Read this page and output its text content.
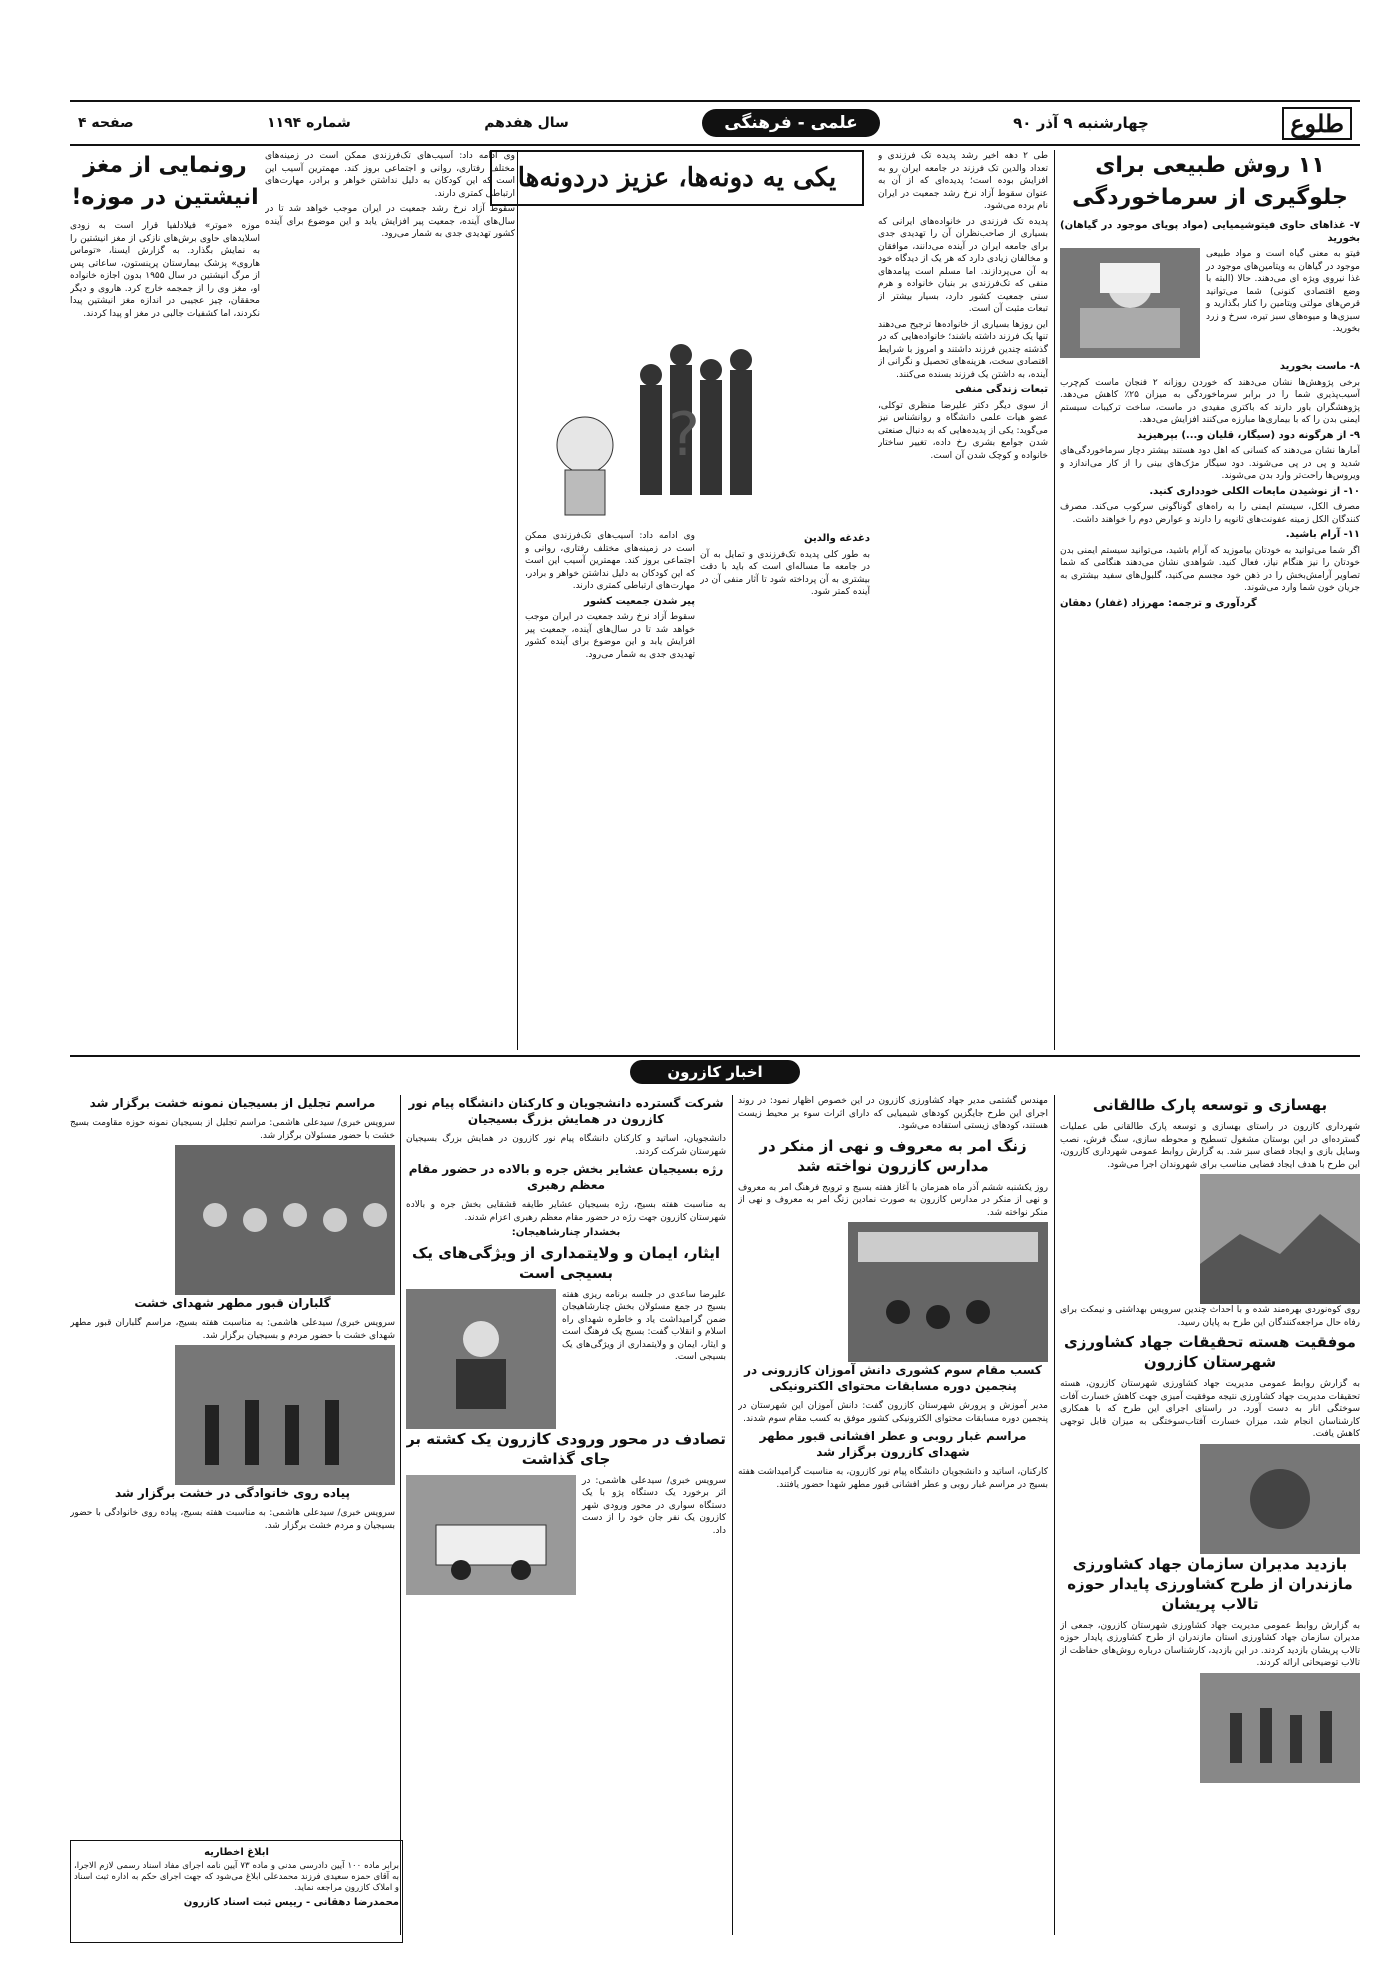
طلوع
چهارشنبه ۹ آذر ۹۰
علمی - فرهنگی
سال هفدهم
شماره ۱۱۹۴
صفحه ۴
۱۱ روش طبیعی برای جلوگیری از سرماخوردگی
۷- غذاهای حاوی فیتوشیمیایی (مواد پویای موجود در گیاهان) بخورید

فیتو به معنی گیاه است و مواد طبیعی موجود در گیاهان به ویتامین‌های موجود در غذا نیروی ویژه ای می‌دهند. حالا (البته با وضع اقتصادی کنونی) شما می‌توانید قرص‌های مولتی ویتامین را کنار بگذارید و سبزی‌ها و میوه‌های سبز تیره، سرخ و زرد بخورید.

۸- ماست بخورید

برخی پژوهش‌ها نشان می‌دهند که خوردن روزانه ۲ فنجان ماست کم‌چرب آسیب‌پذیری شما را در برابر سرماخوردگی به میزان ۲۵٪ کاهش می‌دهد. پژوهشگران باور دارند که باکتری مفیدی در ماست، ساخت ترکیبات سیستم ایمنی بدن را که با بیماری‌ها مبارزه می‌کنند افزایش می‌دهد.

۹- از هرگونه دود (سیگار، قلیان و...) بپرهیزید

آمارها نشان می‌دهند که کسانی که اهل دود هستند بیشتر دچار سرماخوردگی‌های شدید و پی در پی می‌شوند. دود سیگار مژک‌های بینی را از کار می‌اندازد و ویروس‌ها راحت‌تر وارد بدن می‌شوند.

۱۰- از نوشیدن مایعات الکلی خودداری کنید.

مصرف الکل، سیستم ایمنی را به راه‌های گوناگونی سرکوب می‌کند. مصرف کنندگان الکل زمینه عفونت‌های ثانویه را دارند و عوارض دوم را خواهند داشت.

۱۱- آرام باشید.

اگر شما می‌توانید به خودتان بیاموزید که آرام باشید، می‌توانید سیستم ایمنی بدن خودتان را نیز هنگام نیاز، فعال کنید. شواهدی نشان می‌دهند هنگامی که شما تصاویر آرامش‌بخش را در ذهن خود مجسم می‌کنید، گلبول‌های سفید بیشتری به جریان خون شما وارد می‌شوند.

گردآوری و ترجمه: مهرزاد (غفار) دهقان
یکی یه دونه‌ها، عزیز دردونه‌ها

طی ۲ دهه اخیر رشد پدیده تک فرزندی و تعداد والدین تک فرزند در جامعه ایران رو به افزایش بوده است؛ پدیده‌ای که از آن به عنوان سقوط آزاد نرخ رشد جمعیت در ایران نام برده می‌شود.

پدیده تک فرزندی در خانواده‌های ایرانی که بسیاری از صاحب‌نظران آن را تهدیدی جدی برای جامعه ایران در آینده می‌دانند، موافقان و مخالفان زیادی دارد که هر یک از دیدگاه خود به آن می‌پردازند. اما مسلم است پیامدهای منفی که تک‌فرزندی بر بنیان خانواده و هرم سنی جمعیت کشور دارد، بسیار بیشتر از تبعات مثبت آن است.

این روزها بسیاری از خانواده‌ها ترجیح می‌دهند تنها یک فرزند داشته باشند؛ خانواده‌هایی که در گذشته چندین فرزند داشتند و امروز با شرایط اقتصادی سخت، هزینه‌های تحصیل و نگرانی از آینده، به داشتن یک فرزند بسنده می‌کنند.

تبعات زندگی منفی

از سوی دیگر دکتر علیرضا منظری توکلی، عضو هیات علمی دانشگاه و روانشناس نیز می‌گوید: یکی از پدیده‌هایی که به دنبال صنعتی شدن جوامع بشری رخ داده، تغییر ساختار خانواده و کوچک شدن آن است.

?
دغدغه والدین

به طور کلی پدیده تک‌فرزندی و تمایل به آن در جامعه ما مساله‌ای است که باید با دقت بیشتری به آن پرداخته شود تا آثار منفی آن در آینده کمتر شود.

وی ادامه داد: آسیب‌های تک‌فرزندی ممکن است در زمینه‌های مختلف رفتاری، روانی و اجتماعی بروز کند. مهمترین آسیب این است که این کودکان به دلیل نداشتن خواهر و برادر، مهارت‌های ارتباطی کمتری دارند.

پیر شدن جمعیت کشور

سقوط آزاد نرخ رشد جمعیت در ایران موجب خواهد شد تا در سال‌های آینده، جمعیت پیر افزایش یابد و این موضوع برای آینده کشور تهدیدی جدی به شمار می‌رود.

رونمایی از مغز انیشتین در موزه!

موزه «موتر» فیلادلفیا قرار است به زودی اسلایدهای حاوی برش‌های نازکی از مغز انیشتین را به نمایش بگذارد. به گزارش ایسنا، «توماس هاروی» پزشک بیمارستان پرینستون، ساعاتی پس از مرگ انیشتین در سال ۱۹۵۵ بدون اجازه خانواده او، مغز وی را از جمجمه خارج کرد. هاروی و دیگر محققان، چیز عجیبی در اندازه مغز انیشتین پیدا نکردند، اما کشفیات جالبی در مغز او پیدا کردند.

وی ادامه داد: آسیب‌های تک‌فرزندی ممکن است در زمینه‌های مختلف رفتاری، روانی و اجتماعی بروز کند. مهمترین آسیب این است که این کودکان به دلیل نداشتن خواهر و برادر، مهارت‌های ارتباطی کمتری دارند.

سقوط آزاد نرخ رشد جمعیت در ایران موجب خواهد شد تا در سال‌های آینده، جمعیت پیر افزایش یابد و این موضوع برای آینده کشور تهدیدی جدی به شمار می‌رود.

اخبار کازرون
بهسازی و توسعه پارک طالقانی

شهرداری کازرون در راستای بهسازی و توسعه پارک طالقانی طی عملیات گسترده‌ای در این بوستان مشغول تسطیح و محوطه سازی، سنگ فرش، نصب وسایل بازی و ایجاد فضای سبز شد. به گزارش روابط عمومی شهرداری کازرون، این طرح با هدف ایجاد فضایی مناسب برای شهروندان اجرا می‌شود.

روی کوه‌نوردی بهره‌مند شده و با احداث چندین سرویس بهداشتی و نیمکت برای رفاه حال مراجعه‌کنندگان این طرح به پایان رسید.

موفقیت هسته تحقیقات جهاد کشاورزی شهرستان کازرون

به گزارش روابط عمومی مدیریت جهاد کشاورزی شهرستان کازرون، هسته تحقیقات مدیریت جهاد کشاورزی نتیجه موفقیت آمیزی جهت کاهش خسارت آفات سوختگی انار به دست آورد. در راستای اجرای این طرح که با همکاری کارشناسان انجام شد، میزان خسارت آفتاب‌سوختگی به میزان قابل توجهی کاهش یافت.

بازدید مدیران سازمان جهاد کشاورزی مازندران از طرح کشاورزی پایدار حوزه تالاب پریشان

به گزارش روابط عمومی مدیریت جهاد کشاورزی شهرستان کازرون، جمعی از مدیران سازمان جهاد کشاورزی استان مازندران از طرح کشاورزی پایدار حوزه تالاب پریشان بازدید کردند. در این بازدید، کارشناسان درباره روش‌های حفاظت از تالاب توضیحاتی ارائه کردند.

مهندس گشتمی مدیر جهاد کشاورزی کازرون در این خصوص اظهار نمود: در روند اجرای این طرح جایگزین کودهای شیمیایی که دارای اثرات سوء بر محیط زیست هستند، کودهای زیستی استفاده می‌شود.

زنگ امر به معروف و نهی از منکر در مدارس کازرون نواخته شد

روز یکشنبه ششم آذر ماه همزمان با آغاز هفته بسیج و ترویج فرهنگ امر به معروف و نهی از منکر در مدارس کازرون به صورت نمادین زنگ امر به معروف و نهی از منکر نواخته شد.

کسب مقام سوم کشوری دانش آموزان کازرونی در پنجمین دوره مسابقات محتوای الکترونیکی

مدیر آموزش و پرورش شهرستان کازرون گفت: دانش آموزان این شهرستان در پنجمین دوره مسابقات محتوای الکترونیکی کشور موفق به کسب مقام سوم شدند.

مراسم غبار روبی و عطر افشانی قبور مطهر شهدای کازرون برگزار شد

کارکنان، اساتید و دانشجویان دانشگاه پیام نور کازرون، به مناسبت گرامیداشت هفته بسیج در مراسم غبار روبی و عطر افشانی قبور مطهر شهدا حضور یافتند.

شرکت گسترده دانشجویان و کارکنان دانشگاه پیام نور کازرون در همایش بزرگ بسیجیان

دانشجویان، اساتید و کارکنان دانشگاه پیام نور کازرون در همایش بزرگ بسیجیان شهرستان شرکت کردند.

رژه بسیجیان عشایر بخش جره و بالاده در حضور مقام معظم رهبری

به مناسبت هفته بسیج، رژه بسیجیان عشایر طایفه قشقایی بخش جره و بالاده شهرستان کازرون جهت رژه در حضور مقام معظم رهبری اعزام شدند.

بخشدار چنارشاهیجان:
ایثار، ایمان و ولایتمداری از ویژگی‌های یک بسیجی است

علیرضا ساعدی در جلسه برنامه ریزی هفته بسیج در جمع مسئولان بخش چنارشاهیجان ضمن گرامیداشت یاد و خاطره شهدای راه اسلام و انقلاب گفت: بسیج یک فرهنگ است و ایثار، ایمان و ولایتمداری از ویژگی‌های یک بسیجی است.

تصادف در محور ورودی کازرون یک کشته بر جای گذاشت

سرویس خبری/ سیدعلی هاشمی: در اثر برخورد یک دستگاه پژو با یک دستگاه سواری در محور ورودی شهر کازرون یک نفر جان خود را از دست داد.

مراسم تجلیل از بسیجیان نمونه خشت برگزار شد

سرویس خبری/ سیدعلی هاشمی: مراسم تجلیل از بسیجیان نمونه حوزه مقاومت بسیج خشت با حضور مسئولان برگزار شد.

گلباران قبور مطهر شهدای خشت

سرویس خبری/ سیدعلی هاشمی: به مناسبت هفته بسیج، مراسم گلباران قبور مطهر شهدای خشت با حضور مردم و بسیجیان برگزار شد.

پیاده روی خانوادگی در خشت برگزار شد

سرویس خبری/ سیدعلی هاشمی: به مناسبت هفته بسیج، پیاده روی خانوادگی با حضور بسیجیان و مردم خشت برگزار شد.

ابلاغ اخطاریه
برابر ماده ۱۰۰ آیین دادرسی مدنی و ماده ۷۳ آیین نامه اجرای مفاد اسناد رسمی لازم الاجرا، به آقای حمزه سعیدی فرزند محمدعلی ابلاغ می‌شود که جهت اجرای حکم به اداره ثبت اسناد و املاک کازرون مراجعه نماید.
محمدرضا دهقانی - رییس ثبت اسناد کازرون
